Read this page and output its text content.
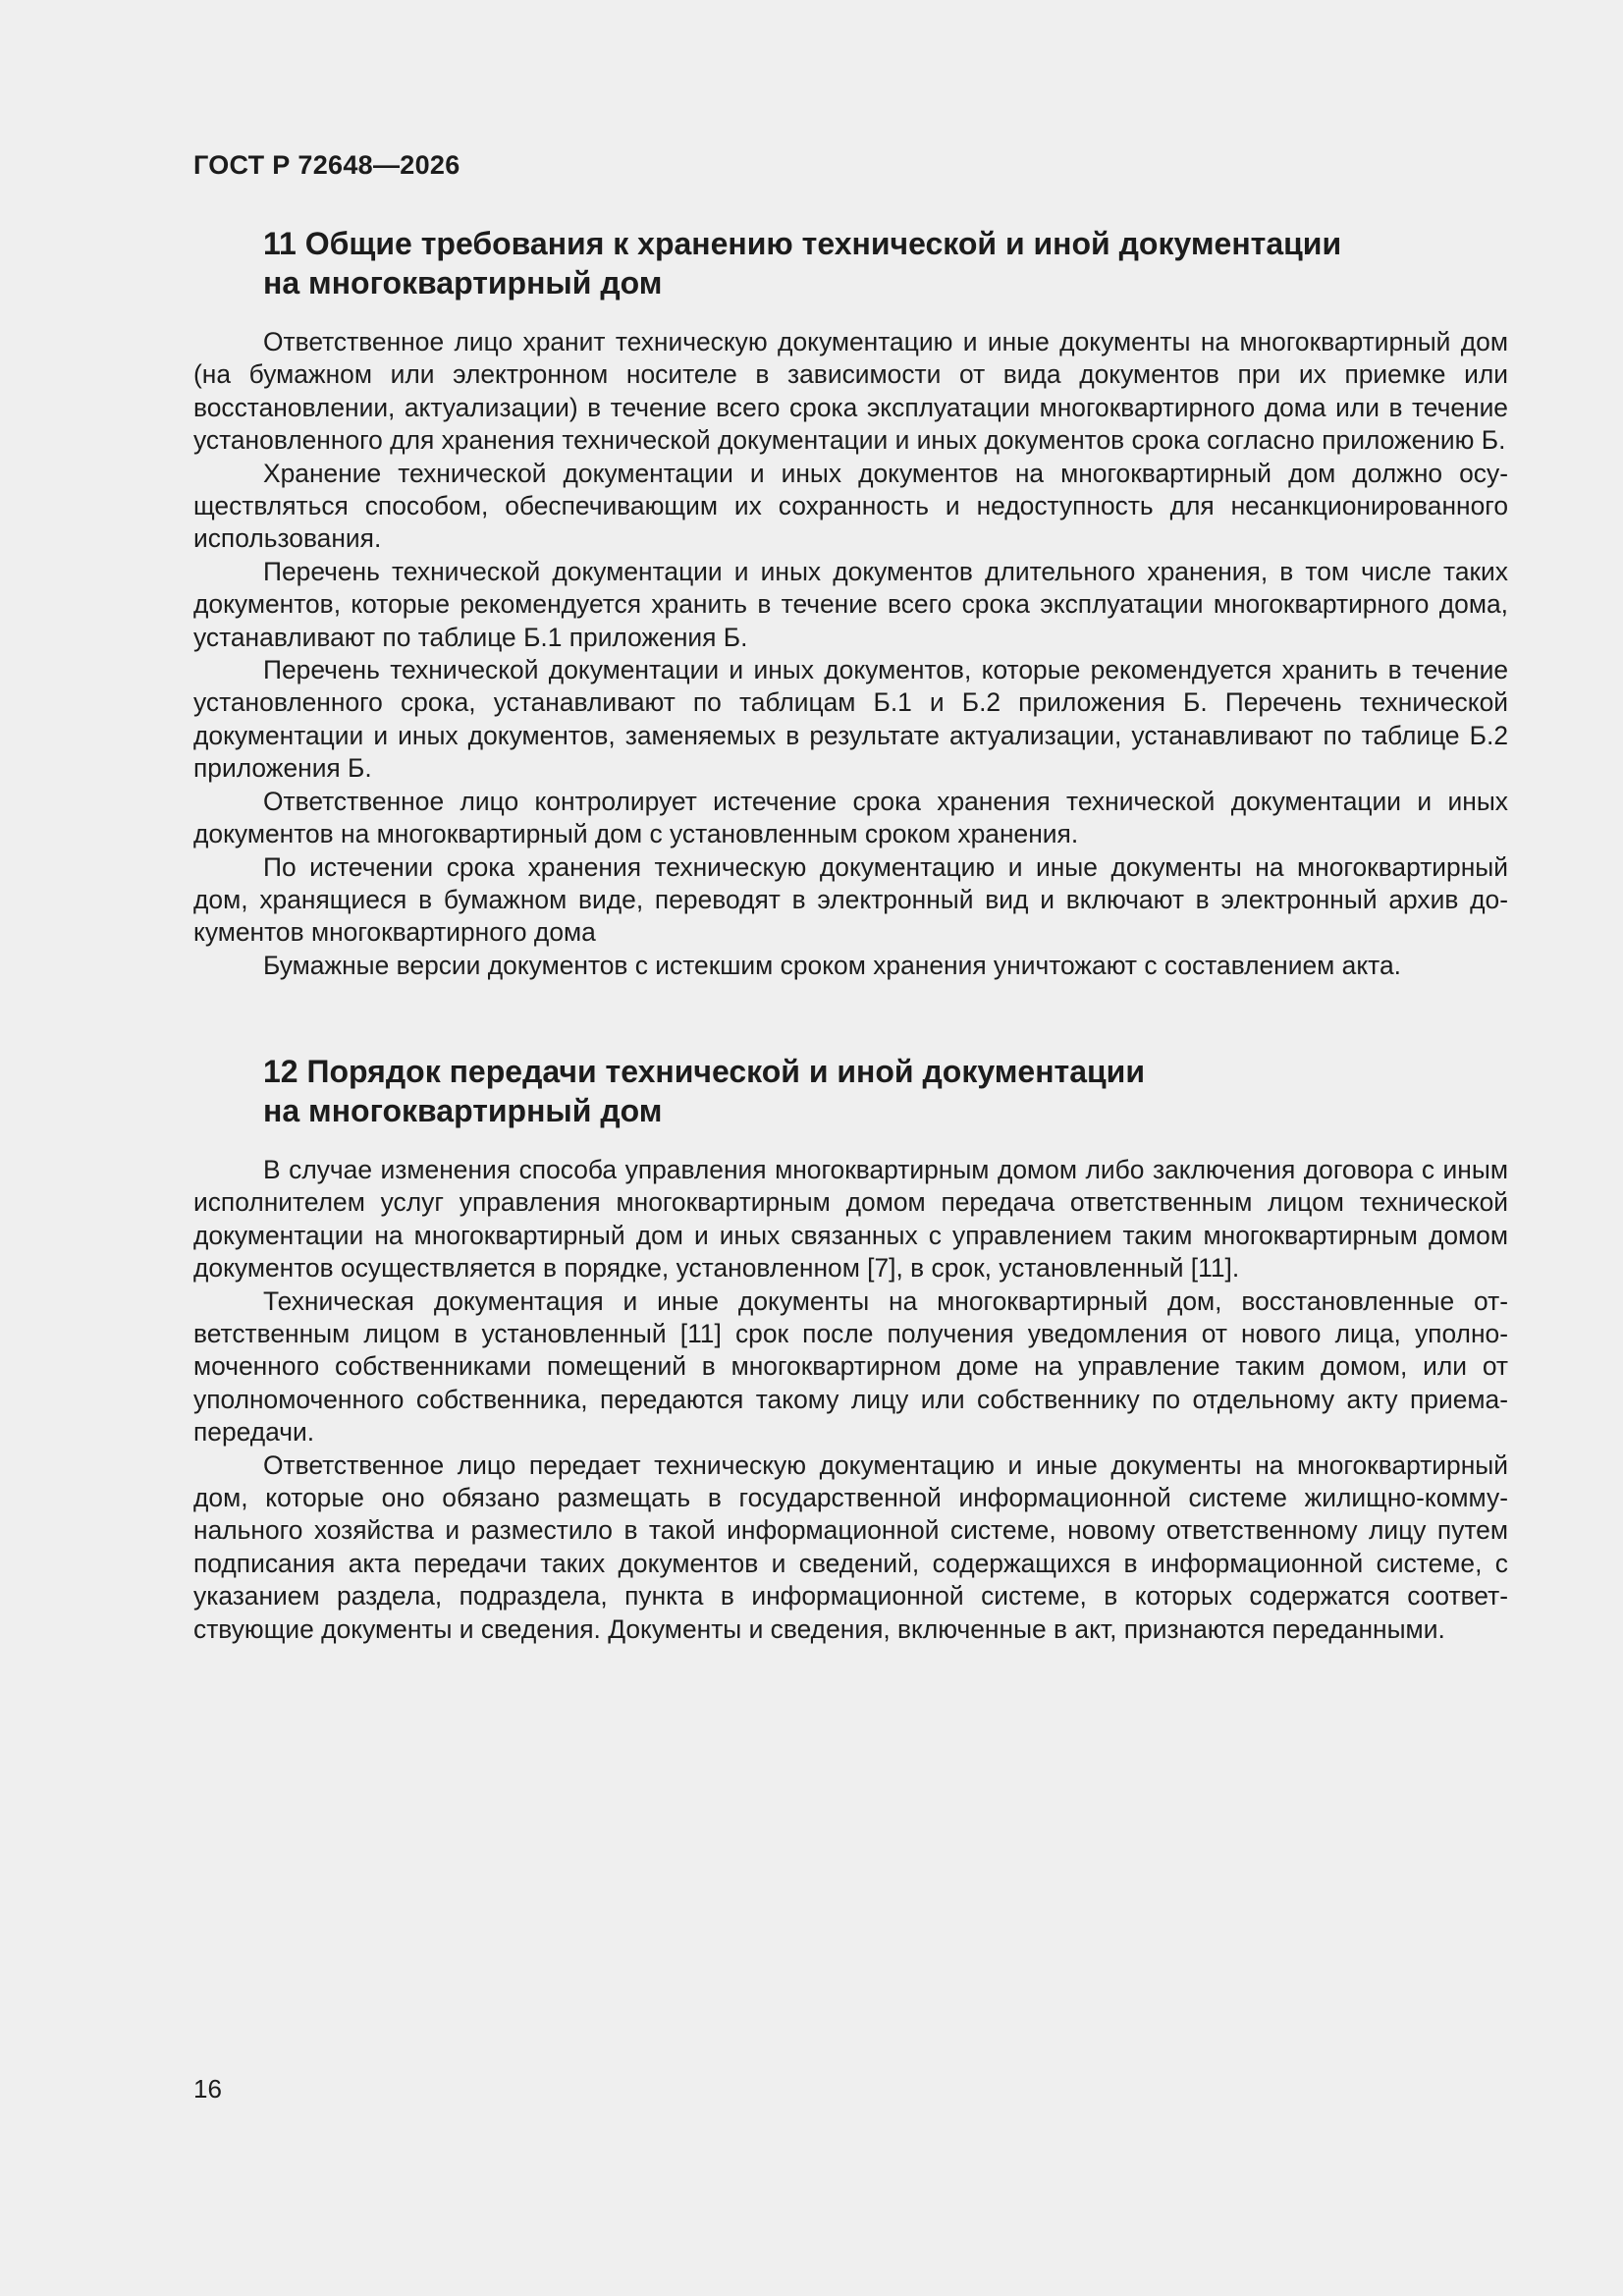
ГОСТ Р 72648—2026
11 Общие требования к хранению технической и иной документации
на многоквартирный дом

Ответственное лицо хранит техническую документацию и иные документы на многоквартирный дом (на бумажном или электронном носителе в зависимости от вида документов при их приемке или восстановлении, актуализации) в течение всего срока эксплуатации многоквартирного дома или в течение установленного для хранения технической документации и иных документов срока согласно приложению Б.

Хранение технической документации и иных документов на многоквартирный дом должно осуществляться способом, обеспечивающим их сохранность и недоступность для несанкционированного использования.

Перечень технической документации и иных документов длительного хранения, в том числе таких документов, которые рекомендуется хранить в течение всего срока эксплуатации многоквартирного дома, устанавливают по таблице Б.1 приложения Б.

Перечень технической документации и иных документов, которые рекомендуется хранить в течение установленного срока, устанавливают по таблицам Б.1 и Б.2 приложения Б. Перечень технической документации и иных документов, заменяемых в результате актуализации, устанавливают по таблице Б.2 приложения Б.

Ответственное лицо контролирует истечение срока хранения технической документации и иных документов на многоквартирный дом с установленным сроком хранения.

По истечении срока хранения техническую документацию и иные документы на многоквартирный дом, хранящиеся в бумажном виде, переводят в электронный вид и включают в электронный архив документов многоквартирного дома

Бумажные версии документов с истекшим сроком хранения уничтожают с составлением акта.

12 Порядок передачи технической и иной документации
на многоквартирный дом

В случае изменения способа управления многоквартирным домом либо заключения договора с иным исполнителем услуг управления многоквартирным домом передача ответственным лицом технической документации на многоквартирный дом и иных связанных с управлением таким многоквартирным домом документов осуществляется в порядке, установленном [7], в срок, установленный [11].

Техническая документация и иные документы на многоквартирный дом, восстановленные ответственным лицом в установленный [11] срок после получения уведомления от нового лица, уполномоченного собственниками помещений в многоквартирном доме на управление таким домом, или от уполномоченного собственника, передаются такому лицу или собственнику по отдельному акту приема-передачи.

Ответственное лицо передает техническую документацию и иные документы на многоквартирный дом, которые оно обязано размещать в государственной информационной системе жилищно-коммунального хозяйства и разместило в такой информационной системе, новому ответственному лицу путем подписания акта передачи таких документов и сведений, содержащихся в информационной системе, с указанием раздела, подраздела, пункта в информационной системе, в которых содержатся соответствующие документы и сведения. Документы и сведения, включенные в акт, признаются переданными.

16
